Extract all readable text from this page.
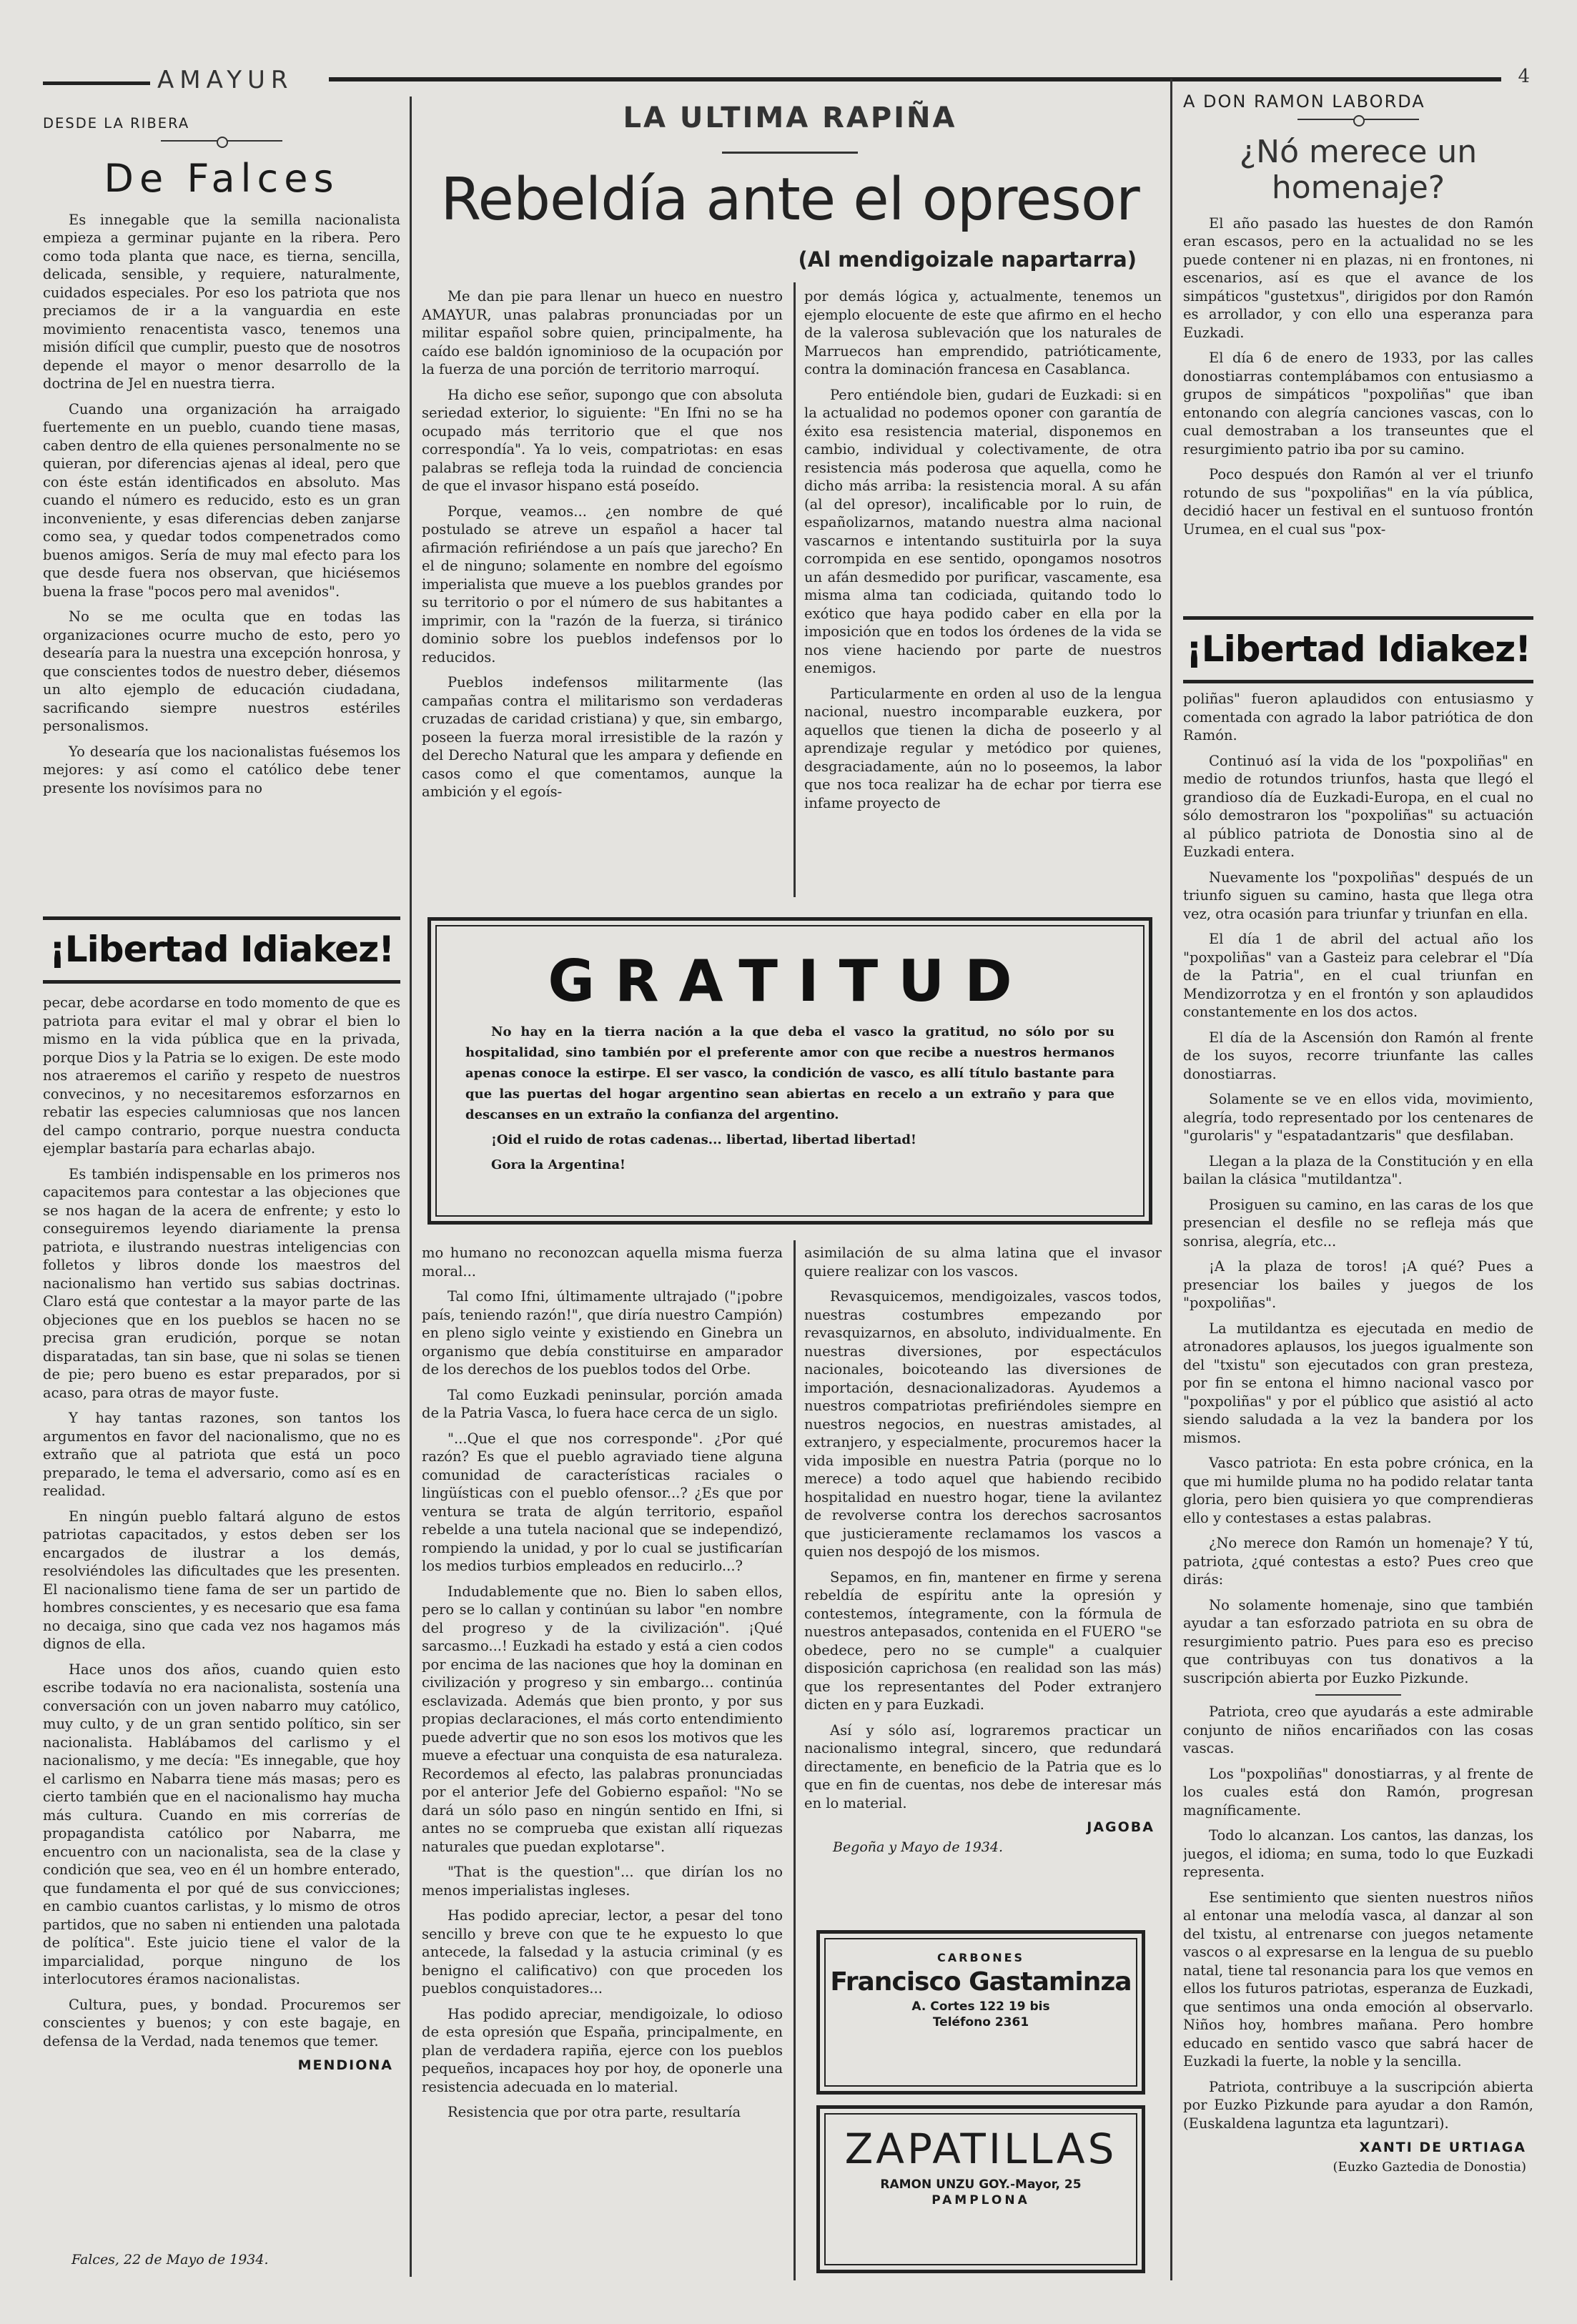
AMAYUR	4

DESDE LA RIBERA

De Falces

Es innegable que la semilla nacionalista empieza a germinar pujante en la ribera. Pero como toda planta que nace, es tierna, sencilla, delicada, sensible, y requiere, naturalmente, cuidados especiales. Por eso los patriota que nos preciamos de ir a la vanguardia en este movimiento renacentista vasco, tenemos una misión difícil que cumplir, puesto que de nosotros depende el mayor o menor desarrollo de la doctrina de Jel en nuestra tierra.

Cuando una organización ha arraigado fuertemente en un pueblo, cuando tiene masas, caben dentro de ella quienes personalmente no se quieran, por diferencias ajenas al ideal, pero que con éste están identificados en absoluto. Mas cuando el número es reducido, esto es un gran inconveniente, y esas diferencias deben zanjarse como sea, y quedar todos compenetrados como buenos amigos. Sería de muy mal efecto para los que desde fuera nos observan, que hiciésemos buena la frase "pocos pero mal avenidos".

No se me oculta que en todas las organizaciones ocurre mucho de esto, pero yo desearía para la nuestra una excepción honrosa, y que conscientes todos de nuestro deber, diésemos un alto ejemplo de educación ciudadana, sacrificando siempre nuestros estériles personalismos.

Yo desearía que los nacionalistas fuésemos los mejores: y así como el católico debe tener presente los novísimos para no

¡Libertad Idiakez!

pecar, debe acordarse en todo momento de que es patriota para evitar el mal y obrar el bien lo mismo en la vida pública que en la privada, porque Dios y la Patria se lo exigen. De este modo nos atraeremos el cariño y respeto de nuestros convecinos, y no necesitaremos esforzarnos en rebatir las especies calumniosas que nos lancen del campo contrario, porque nuestra conducta ejemplar bastaría para echarlas abajo.

Es también indispensable en los primeros nos capacitemos para contestar a las objeciones que se nos hagan de la acera de enfrente; y esto lo conseguiremos leyendo diariamente la prensa patriota, e ilustrando nuestras inteligencias con folletos y libros donde los maestros del nacionalismo han vertido sus sabias doctrinas. Claro está que contestar a la mayor parte de las objeciones que en los pueblos se hacen no se precisa gran erudición, porque se notan disparatadas, tan sin base, que ni solas se tienen de pie; pero bueno es estar preparados, por si acaso, para otras de mayor fuste.

Y hay tantas razones, son tantos los argumentos en favor del nacionalismo, que no es extraño que al patriota que está un poco preparado, le tema el adversario, como así es en realidad.

En ningún pueblo faltará alguno de estos patriotas capacitados, y estos deben ser los encargados de ilustrar a los demás, resolviéndoles las dificultades que les presenten. El nacionalismo tiene fama de ser un partido de hombres conscientes, y es necesario que esa fama no decaiga, sino que cada vez nos hagamos más dignos de ella.

Hace unos dos años, cuando quien esto escribe todavía no era nacionalista, sostenía una conversación con un joven nabarro muy católico, muy culto, y de un gran sentido político, sin ser nacionalista. Hablábamos del carlismo y el nacionalismo, y me decía: "Es innegable, que hoy el carlismo en Nabarra tiene más masas; pero es cierto también que en el nacionalismo hay mucha más cultura. Cuando en mis correrías de propagandista católico por Nabarra, me encuentro con un nacionalista, sea de la clase y condición que sea, veo en él un hombre enterado, que fundamenta el por qué de sus convicciones; en cambio cuantos carlistas, y lo mismo de otros partidos, que no saben ni entienden una palotada de política". Este juicio tiene el valor de la imparcialidad, porque ninguno de los interlocutores éramos nacionalistas.

Cultura, pues, y bondad. Procuremos ser conscientes y buenos; y con este bagaje, en defensa de la Verdad, nada tenemos que temer.

MENDIONA
Falces, 22 de Mayo de 1934.
LA ULTIMA RAPIÑA
Rebeldía ante el opresor
(Al mendigoizale napartarra)

Me dan pie para llenar un hueco en nuestro AMAYUR, unas palabras pronunciadas por un militar español sobre quien, principalmente, ha caído ese baldón ignominioso de la ocupación por la fuerza de una porción de territorio marroquí.

Ha dicho ese señor, supongo que con absoluta seriedad exterior, lo siguiente: "En Ifni no se ha ocupado más territorio que el que nos correspondía". Ya lo veis, compatriotas: en esas palabras se refleja toda la ruindad de conciencia de que el invasor hispano está poseído.

Porque, veamos... ¿en nombre de qué postulado se atreve un español a hacer tal afirmación refiriéndose a un país que jarecho? En el de ninguno; solamente en nombre del egoísmo imperialista que mueve a los pueblos grandes por su territorio o por el número de sus habitantes a imprimir, con la "razón de la fuerza, si tiránico dominio sobre los pueblos indefensos por lo reducidos.

Pueblos indefensos militarmente (las campañas contra el militarismo son verdaderas cruzadas de caridad cristiana) y que, sin embargo, poseen la fuerza moral irresistible de la razón y del Derecho Natural que les ampara y defiende en casos como el que comentamos, aunque la ambición y el egoís-

por demás lógica y, actualmente, tenemos un ejemplo elocuente de este que afirmo en el hecho de la valerosa sublevación que los naturales de Marruecos han emprendido, patrióticamente, contra la dominación francesa en Casablanca.

Pero entiéndole bien, gudari de Euzkadi: si en la actualidad no podemos oponer con garantía de éxito esa resistencia material, disponemos en cambio, individual y colectivamente, de otra resistencia más poderosa que aquella, como he dicho más arriba: la resistencia moral. A su afán (al del opresor), incalificable por lo ruin, de españolizarnos, matando nuestra alma nacional vascarnos e intentando sustituirla por la suya corrompida en ese sentido, opongamos nosotros un afán desmedido por purificar, vascamente, esa misma alma tan codiciada, quitando todo lo exótico que haya podido caber en ella por la imposición que en todos los órdenes de la vida se nos viene haciendo por parte de nuestros enemigos.

Particularmente en orden al uso de la lengua nacional, nuestro incomparable euzkera, por aquellos que tienen la dicha de poseerlo y al aprendizaje regular y metódico por quienes, desgraciadamente, aún no lo poseemos, la labor que nos toca realizar ha de echar por tierra ese infame proyecto de

GRATITUD

No hay en la tierra nación a la que deba el vasco la gratitud, no sólo por su hospitalidad, sino también por el preferente amor con que recibe a nuestros hermanos apenas conoce la estirpe. El ser vasco, la condición de vasco, es allí título bastante para que las puertas del hogar argentino sean abiertas en recelo a un extraño y para que descanses en un extraño la confianza del argentino.

¡Oid el ruido de rotas cadenas... libertad, libertad libertad!

Gora la Argentina!

mo humano no reconozcan aquella misma fuerza moral...

Tal como Ifni, últimamente ultrajado ("¡pobre país, teniendo razón!", que diría nuestro Campión) en pleno siglo veinte y existiendo en Ginebra un organismo que debía constituirse en amparador de los derechos de los pueblos todos del Orbe.

Tal como Euzkadi peninsular, porción amada de la Patria Vasca, lo fuera hace cerca de un siglo.

"...Que el que nos corresponde". ¿Por qué razón? Es que el pueblo agraviado tiene alguna comunidad de características raciales o lingüísticas con el pueblo ofensor...? ¿Es que por ventura se trata de algún territorio, español rebelde a una tutela nacional que se independizó, rompiendo la unidad, y por lo cual se justificarían los medios turbios empleados en reducirlo...?

Indudablemente que no. Bien lo saben ellos, pero se lo callan y continúan su labor "en nombre del progreso y de la civilización". ¡Qué sarcasmo...! Euzkadi ha estado y está a cien codos por encima de las naciones que hoy la dominan en civilización y progreso y sin embargo... continúa esclavizada. Además que bien pronto, y por sus propias declaraciones, el más corto entendimiento puede advertir que no son esos los motivos que les mueve a efectuar una conquista de esa naturaleza. Recordemos al efecto, las palabras pronunciadas por el anterior Jefe del Gobierno español: "No se dará un sólo paso en ningún sentido en Ifni, si antes no se comprueba que existan allí riquezas naturales que puedan explotarse".

"That is the question"... que dirían los no menos imperialistas ingleses.

Has podido apreciar, lector, a pesar del tono sencillo y breve con que te he expuesto lo que antecede, la falsedad y la astucia criminal (y es benigno el calificativo) con que proceden los pueblos conquistadores...

Has podido apreciar, mendigoizale, lo odioso de esta opresión que España, principalmente, en plan de verdadera rapiña, ejerce con los pueblos pequeños, incapaces hoy por hoy, de oponerle una resistencia adecuada en lo material.

Resistencia que por otra parte, resultaría

asimilación de su alma latina que el invasor quiere realizar con los vascos.

Revasquicemos, mendigoizales, vascos todos, nuestras costumbres empezando por revasquizarnos, en absoluto, individualmente. En nuestras diversiones, por espectáculos nacionales, boicoteando las diversiones de importación, desnacionalizadoras. Ayudemos a nuestros compatriotas prefiriéndoles siempre en nuestros negocios, en nuestras amistades, al extranjero, y especialmente, procuremos hacer la vida imposible en nuestra Patria (porque no lo merece) a todo aquel que habiendo recibido hospitalidad en nuestro hogar, tiene la avilantez de revolverse contra los derechos sacrosantos que justicieramente reclamamos los vascos a quien nos despojó de los mismos.

Sepamos, en fin, mantener en firme y serena rebeldía de espíritu ante la opresión y contestemos, íntegramente, con la fórmula de nuestros antepasados, contenida en el FUERO "se obedece, pero no se cumple" a cualquier disposición caprichosa (en realidad son las más) que los representantes del Poder extranjero dicten en y para Euzkadi.

Así y sólo así, lograremos practicar un nacionalismo integral, sincero, que redundará directamente, en beneficio de la Patria que es lo que en fin de cuentas, nos debe de interesar más en lo material.

JAGOBA
Begoña y Mayo de 1934.
CARBONES
Francisco Gastaminza
A. Cortes 122 19 bis
Teléfono 2361
ZAPATILLAS
RAMON UNZU GOY.-Mayor, 25
PAMPLONA

A DON RAMON LABORDA

¿Nó merece un homenaje?

El año pasado las huestes de don Ramón eran escasos, pero en la actualidad no se les puede contener ni en plazas, ni en frontones, ni escenarios, así es que el avance de los simpáticos "gustetxus", dirigidos por don Ramón es arrollador, y con ello una esperanza para Euzkadi.

El día 6 de enero de 1933, por las calles donostiarras contemplábamos con entusiasmo a grupos de simpáticos "poxpoliñas" que iban entonando con alegría canciones vascas, con lo cual demostraban a los transeuntes que el resurgimiento patrio iba por su camino.

Poco después don Ramón al ver el triunfo rotundo de sus "poxpoliñas" en la vía pública, decidió hacer un festival en el suntuoso frontón Urumea, en el cual sus "pox-

¡Libertad Idiakez!

poliñas" fueron aplaudidos con entusiasmo y comentada con agrado la labor patriótica de don Ramón.

Continuó así la vida de los "poxpoliñas" en medio de rotundos triunfos, hasta que llegó el grandioso día de Euzkadi-Europa, en el cual no sólo demostraron los "poxpoliñas" su actuación al público patriota de Donostia sino al de Euzkadi entera.

Nuevamente los "poxpoliñas" después de un triunfo siguen su camino, hasta que llega otra vez, otra ocasión para triunfar y triunfan en ella.

El día 1 de abril del actual año los "poxpoliñas" van a Gasteiz para celebrar el "Día de la Patria", en el cual triunfan en Mendizorrotza y en el frontón y son aplaudidos constantemente en los dos actos.

El día de la Ascensión don Ramón al frente de los suyos, recorre triunfante las calles donostiarras.

Solamente se ve en ellos vida, movimiento, alegría, todo representado por los centenares de "gurolaris" y "espatadantzaris" que desfilaban.

Llegan a la plaza de la Constitución y en ella bailan la clásica "mutildantza".

Prosiguen su camino, en las caras de los que presencian el desfile no se refleja más que sonrisa, alegría, etc...

¡A la plaza de toros! ¡A qué? Pues a presenciar los bailes y juegos de los "poxpoliñas".

La mutildantza es ejecutada en medio de atronadores aplausos, los juegos igualmente son del "txistu" son ejecutados con gran presteza, por fin se entona el himno nacional vasco por "poxpoliñas" y por el público que asistió al acto siendo saludada a la vez la bandera por los mismos.

Vasco patriota: En esta pobre crónica, en la que mi humilde pluma no ha podido relatar tanta gloria, pero bien quisiera yo que comprendieras ello y contestases a estas palabras.

¿No merece don Ramón un homenaje? Y tú, patriota, ¿qué contestas a esto? Pues creo que dirás:

No solamente homenaje, sino que también ayudar a tan esforzado patriota en su obra de resurgimiento patrio. Pues para eso es preciso que contribuyas con tus donativos a la suscripción abierta por Euzko Pizkunde.

Patriota, creo que ayudarás a este admirable conjunto de niños encariñados con las cosas vascas.

Los "poxpoliñas" donostiarras, y al frente de los cuales está don Ramón, progresan magníficamente.

Todo lo alcanzan. Los cantos, las danzas, los juegos, el idioma; en suma, todo lo que Euzkadi representa.

Ese sentimiento que sienten nuestros niños al entonar una melodía vasca, al danzar al son del txistu, al entrenarse con juegos netamente vascos o al expresarse en la lengua de su pueblo natal, tiene tal resonancia para los que vemos en ellos los futuros patriotas, esperanza de Euzkadi, que sentimos una onda emoción al observarlo. Niños hoy, hombres mañana. Pero hombre educado en sentido vasco que sabrá hacer de Euzkadi la fuerte, la noble y la sencilla.

Patriota, contribuye a la suscripción abierta por Euzko Pizkunde para ayudar a don Ramón, (Euskaldena laguntza eta laguntzari).

XANTI DE URTIAGA
(Euzko Gaztedia de Donostia)
